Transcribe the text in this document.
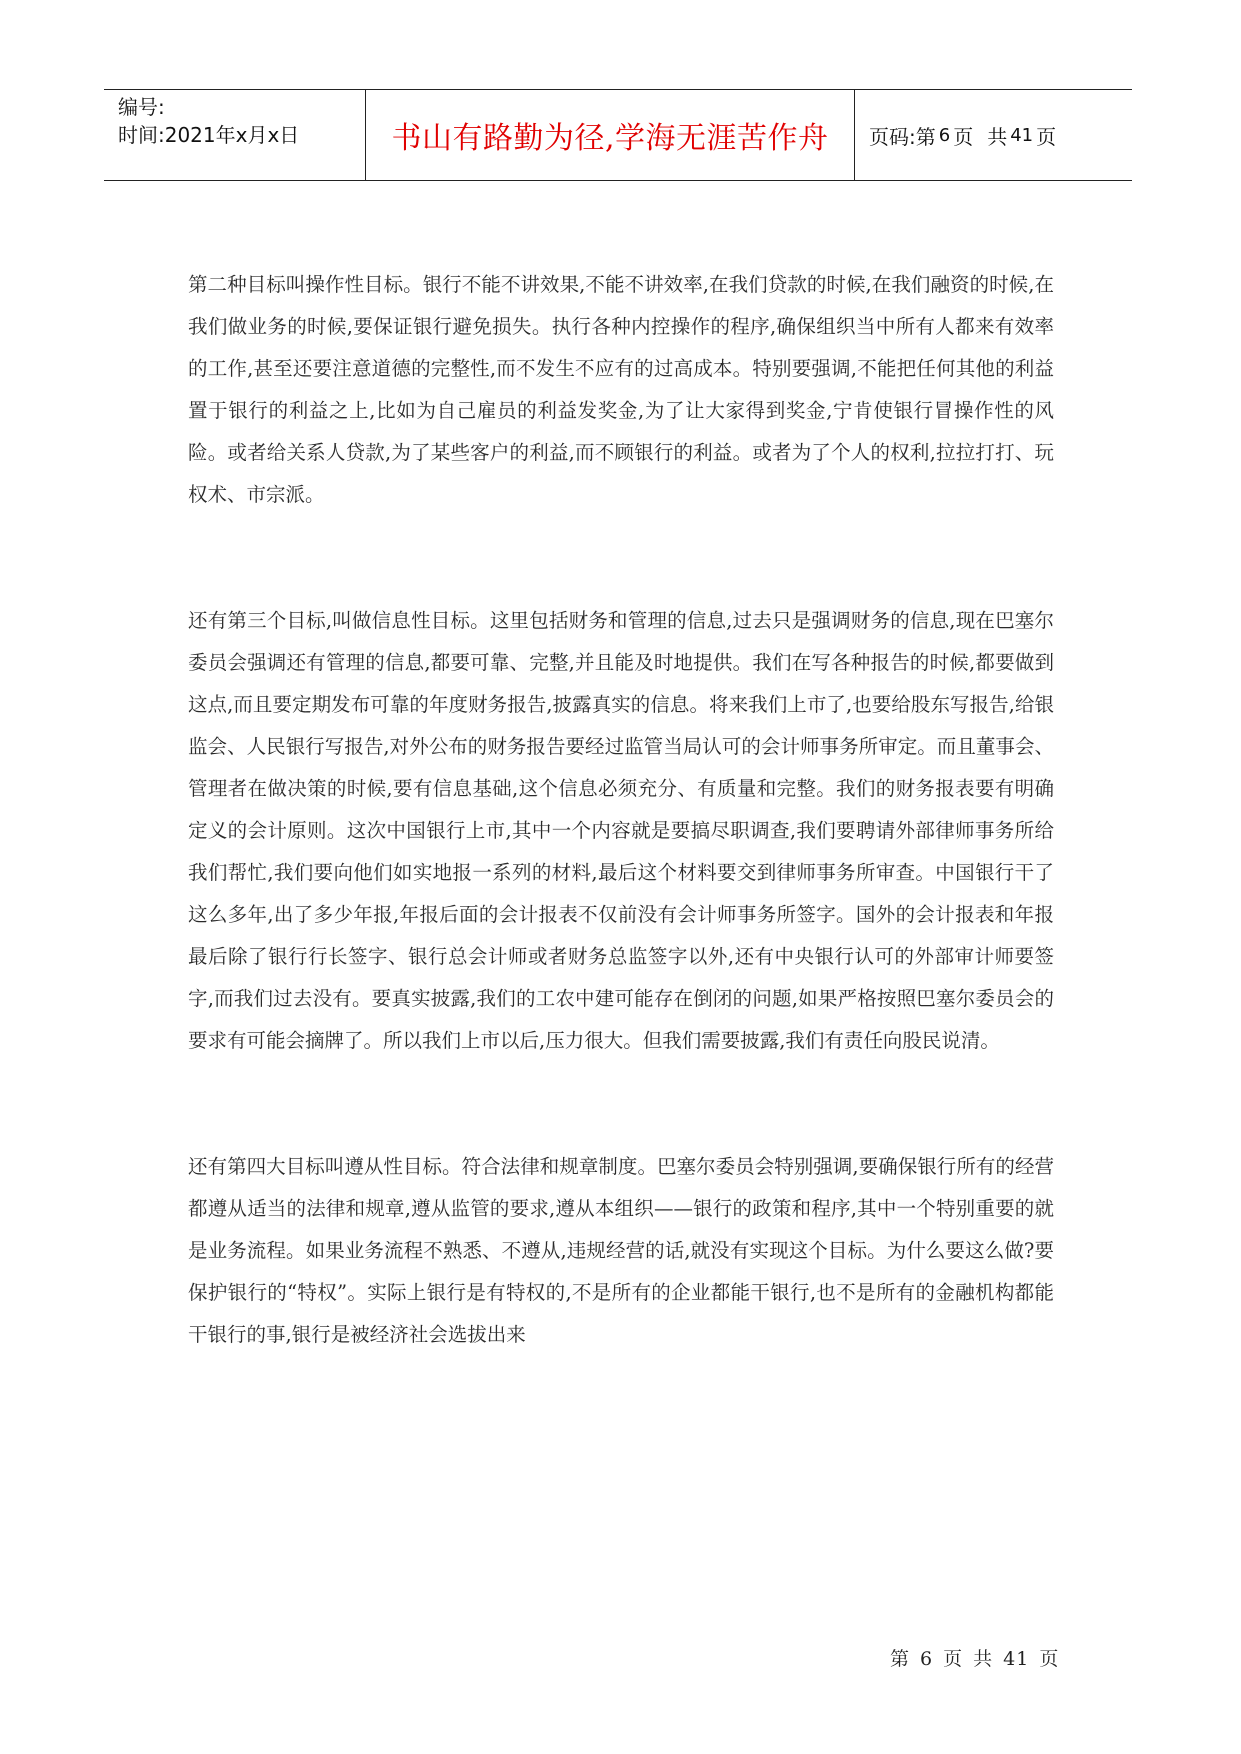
编号:
时间:2021年x月x日	书山有路勤为径,学海无涯苦作舟 页码:第 6 页 共 41 页

第二种目标叫操作性目标。银行不能不讲效果,不能不讲效率,在我们贷款的时候,在我们融资的时候,在我们做业务的时候,要保证银行避免损失。执行各种内控操作的程序,确保组织当中所有人都来有效率的工作,甚至还要注意道德的完整性,而不发生不应有的过高成本。特别要强调,不能把任何其他的利益置于银行的利益之上,比如为自己雇员的利益发奖金,为了让大家得到奖金,宁肯使银行冒操作性的风险。或者给关系人贷款,为了某些客户的利益,而不顾银行的利益。或者为了个人的权利,拉拉打打、玩权术、市宗派。

还有第三个目标,叫做信息性目标。这里包括财务和管理的信息,过去只是强调财务的信息,现在巴塞尔委员会强调还有管理的信息,都要可靠、完整,并且能及时地提供。我们在写各种报告的时候,都要做到这点,而且要定期发布可靠的年度财务报告,披露真实的信息。将来我们上市了,也要给股东写报告,给银监会、人民银行写报告,对外公布的财务报告要经过监管当局认可的会计师事务所审定。而且董事会、管理者在做决策的时候,要有信息基础,这个信息必须充分、有质量和完整。我们的财务报表要有明确定义的会计原则。这次中国银行上市,其中一个内容就是要搞尽职调查,我们要聘请外部律师事务所给我们帮忙,我们要向他们如实地报一系列的材料,最后这个材料要交到律师事务所审查。中国银行干了这么多年,出了多少年报,年报后面的会计报表不仅前没有会计师事务所签字。国外的会计报表和年报最后除了银行行长签字、银行总会计师或者财务总监签字以外,还有中央银行认可的外部审计师要签字,而我们过去没有。要真实披露,我们的工农中建可能存在倒闭的问题,如果严格按照巴塞尔委员会的要求有可能会摘牌了。所以我们上市以后,压力很大。但我们需要披露,我们有责任向股民说清。

还有第四大目标叫遵从性目标。符合法律和规章制度。巴塞尔委员会特别强调,要确保银行所有的经营都遵从适当的法律和规章,遵从监管的要求,遵从本组织——银行的政策和程序,其中一个特别重要的就是业务流程。如果业务流程不熟悉、不遵从,违规经营的话,就没有实现这个目标。为什么要这么做?要保护银行的“特权”。实际上银行是有特权的,不是所有的企业都能干银行,也不是所有的金融机构都能干银行的事,银行是被经济社会选拔出来

第 6 页 共 41 页
